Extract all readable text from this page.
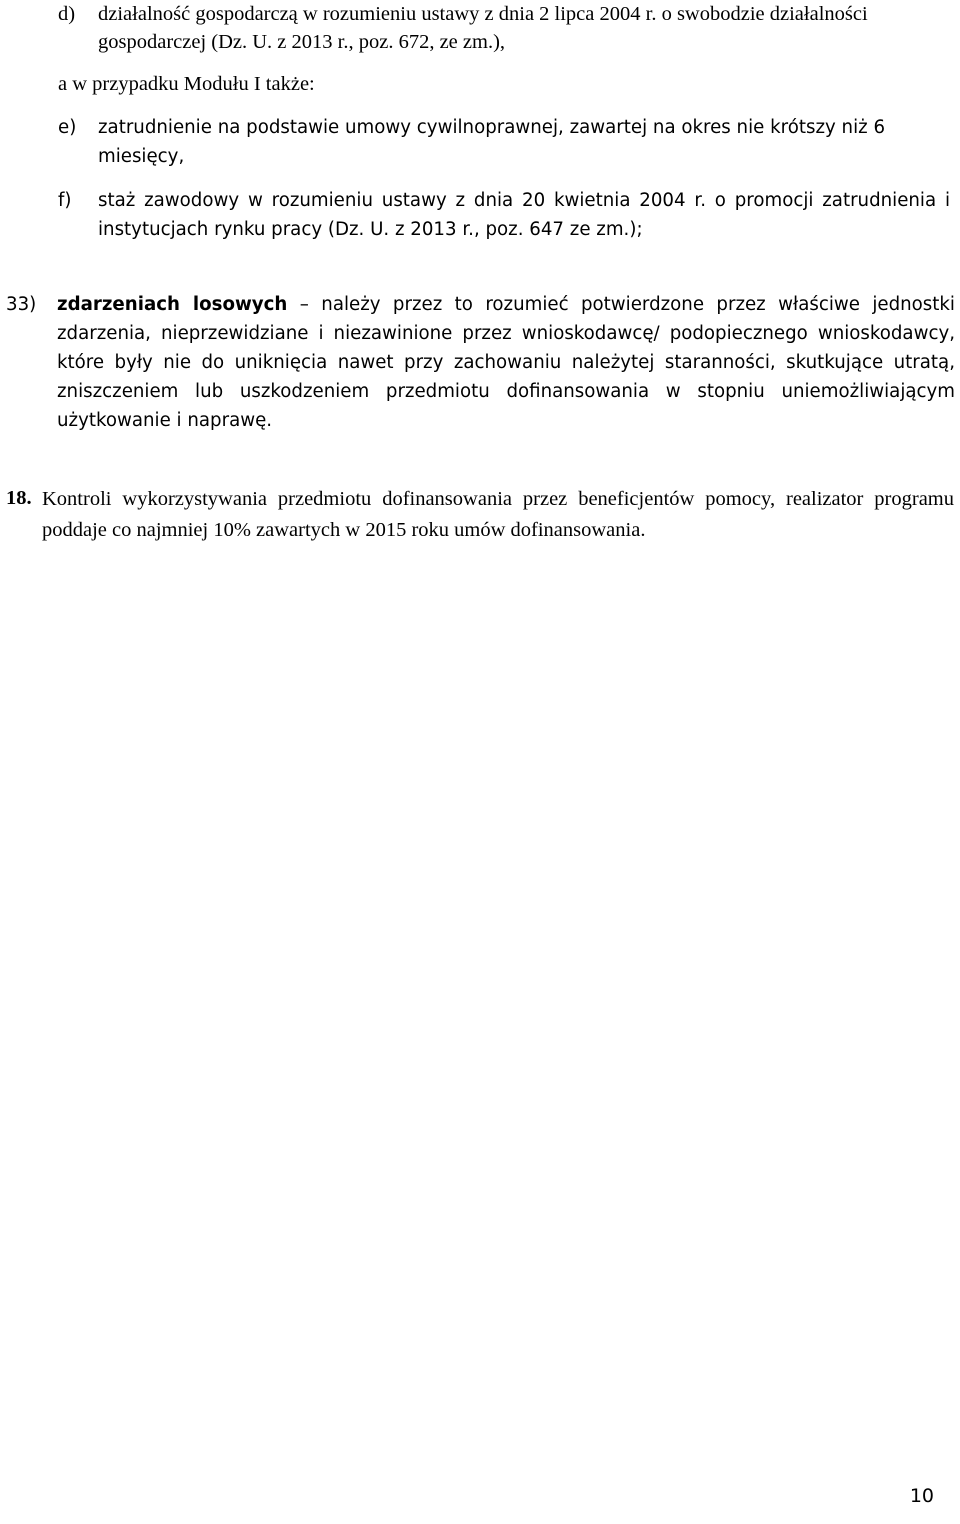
d) działalność gospodarczą w rozumieniu ustawy z dnia 2 lipca 2004 r. o swobodzie działalności gospodarczej (Dz. U. z 2013 r., poz. 672, ze zm.),
a w przypadku Modułu I także:
e) zatrudnienie na podstawie umowy cywilnoprawnej, zawartej na okres nie krótszy niż 6 miesięcy,
f) staż zawodowy w rozumieniu ustawy z dnia 20 kwietnia 2004 r. o promocji zatrudnienia i instytucjach rynku pracy (Dz. U. z 2013 r., poz. 647 ze zm.);
33) zdarzeniach losowych – należy przez to rozumieć potwierdzone przez właściwe jednostki zdarzenia, nieprzewidziane i niezawinione przez wnioskodawcę/ podopiecznego wnioskodawcy, które były nie do uniknięcia nawet przy zachowaniu należytej staranności, skutkujące utratą, zniszczeniem lub uszkodzeniem przedmiotu dofinansowania w stopniu uniemożliwiającym użytkowanie i naprawę.
18. Kontroli wykorzystywania przedmiotu dofinansowania przez beneficjentów pomocy, realizator programu poddaje co najmniej 10% zawartych w 2015 roku umów dofinansowania.
10
